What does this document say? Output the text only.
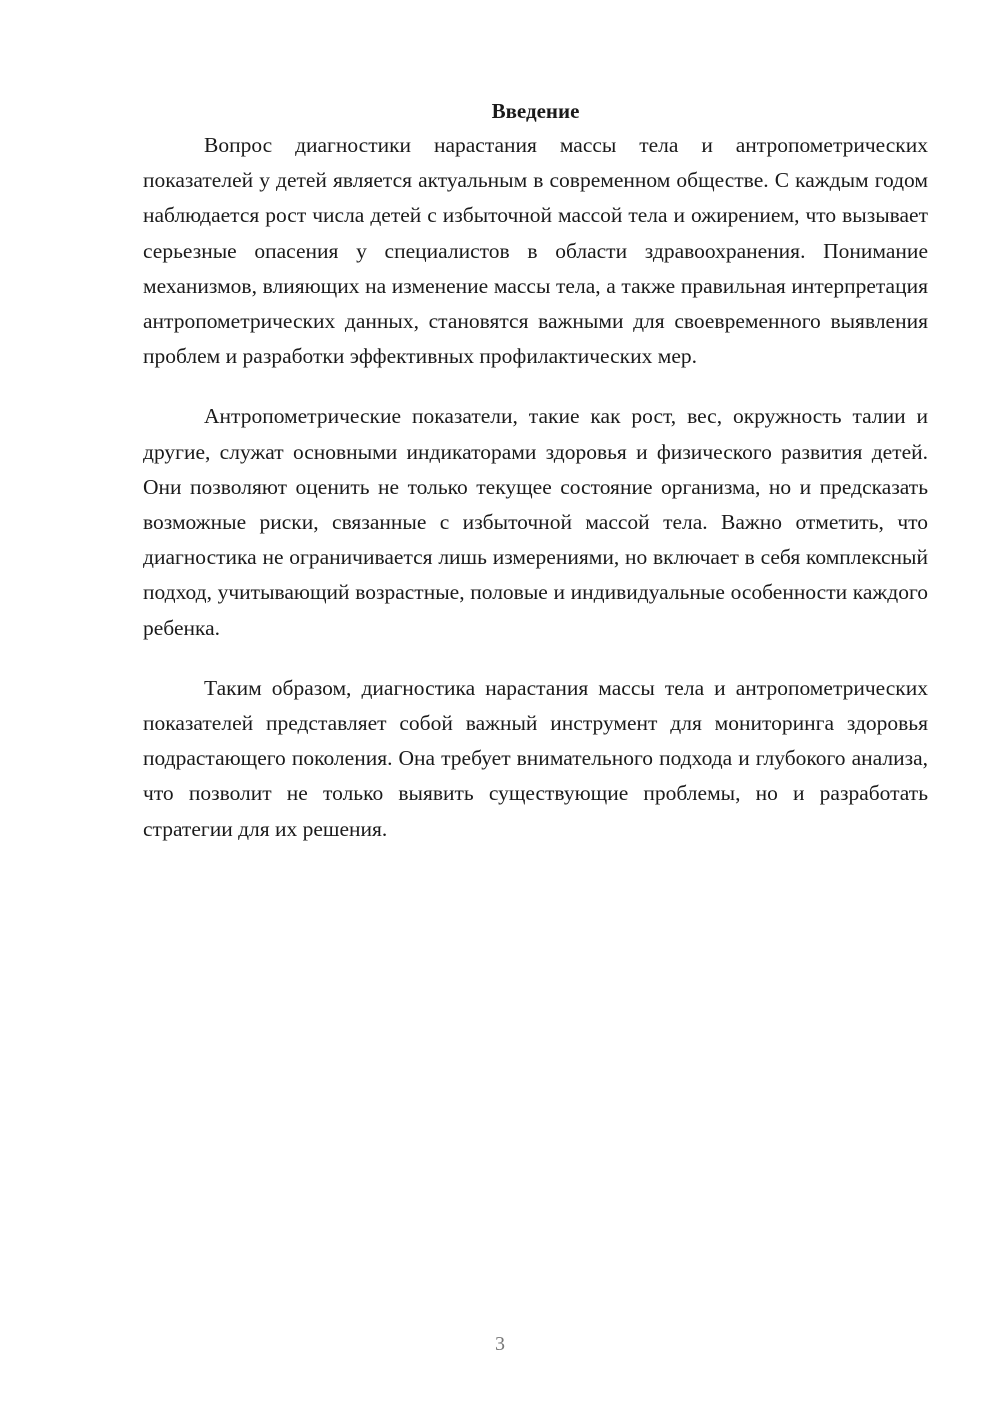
Введение

Вопрос диагностики нарастания массы тела и антропометрических показателей у детей является актуальным в современном обществе. С каждым годом наблюдается рост числа детей с избыточной массой тела и ожирением, что вызывает серьезные опасения у специалистов в области здравоохранения. Понимание механизмов, влияющих на изменение массы тела, а также правильная интерпретация антропометрических данных, становятся важными для своевременного выявления проблем и разработки эффективных профилактических мер.

Антропометрические показатели, такие как рост, вес, окружность талии и другие, служат основными индикаторами здоровья и физического развития детей. Они позволяют оценить не только текущее состояние организма, но и предсказать возможные риски, связанные с избыточной массой тела. Важно отметить, что диагностика не ограничивается лишь измерениями, но включает в себя комплексный подход, учитывающий возрастные, половые и индивидуальные особенности каждого ребенка.

Таким образом, диагностика нарастания массы тела и антропометрических показателей представляет собой важный инструмент для мониторинга здоровья подрастающего поколения. Она требует внимательного подхода и глубокого анализа, что позволит не только выявить существующие проблемы, но и разработать стратегии для их решения.

3
